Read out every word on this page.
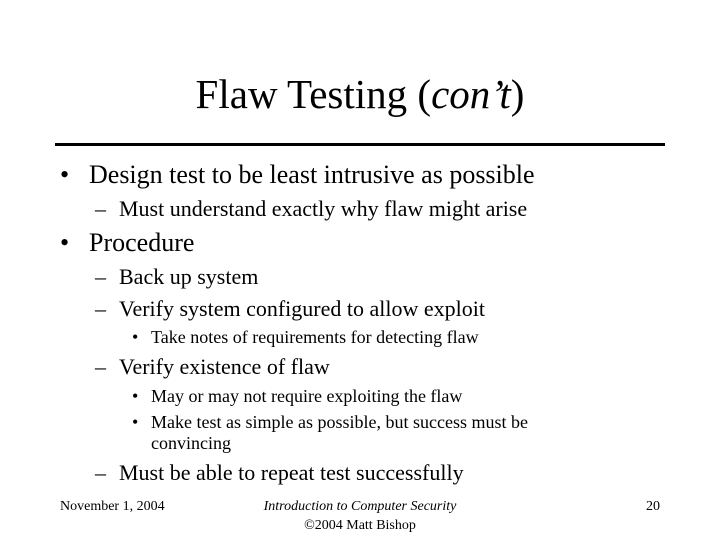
Flaw Testing (con’t)
• Design test to be least intrusive as possible
– Must understand exactly why flaw might arise
• Procedure
– Back up system
– Verify system configured to allow exploit
• Take notes of requirements for detecting flaw
– Verify existence of flaw
• May or may not require exploiting the flaw
• Make test as simple as possible, but success must be
convincing
– Must be able to repeat test successfully
November 1, 2004	Introduction to Computer Security
©2004 Matt Bishop
20
